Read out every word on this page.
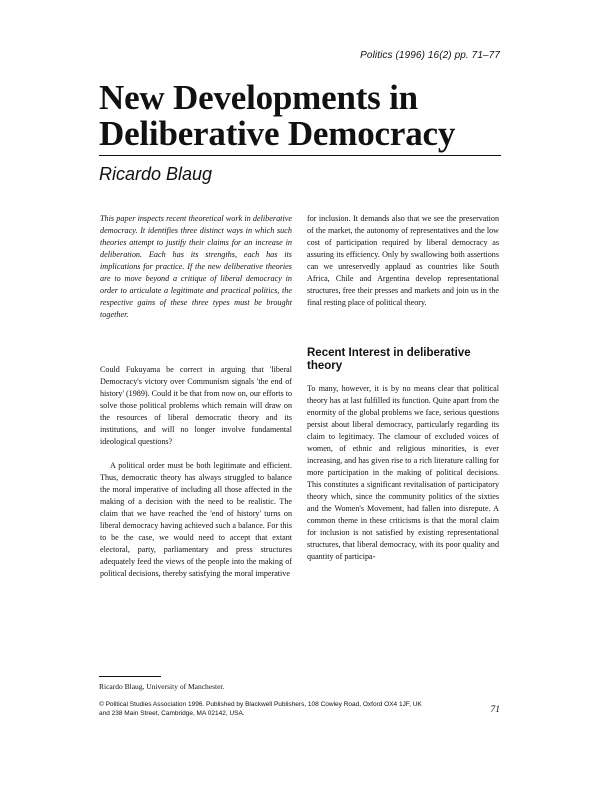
Politics (1996) 16(2) pp. 71–77
New Developments in Deliberative Democracy
Ricardo Blaug

This paper inspects recent theoretical work in deliberative democracy. It identifies three distinct ways in which such theories attempt to justify their claims for an increase in deliberation. Each has its strengths, each has its implications for practice. If the new deliberative theories are to move beyond a critique of liberal democracy in order to articulate a legitimate and practical politics, the respective gains of these three types must be brought together.

Could Fukuyama be correct in arguing that 'liberal Democracy's victory over Communism signals 'the end of history' (1989). Could it be that from now on, our efforts to solve those political problems which remain will draw on the resources of liberal democratic theory and its institutions, and will no longer involve fundamental ideological questions?

A political order must be both legitimate and efficient. Thus, democratic theory has always struggled to balance the moral imperative of including all those affected in the making of a decision with the need to be realistic. The claim that we have reached the 'end of history' turns on liberal democracy having achieved such a balance. For this to be the case, we would need to accept that extant electoral, party, parliamentary and press structures adequately feed the views of the people into the making of political decisions, thereby satisfying the moral imperative

for inclusion. It demands also that we see the preservation of the market, the autonomy of representatives and the low cost of participation required by liberal democracy as assuring its efficiency. Only by swallowing both assertions can we unreservedly applaud as countries like South Africa, Chile and Argentina develop representational structures, free their presses and markets and join us in the final resting place of political theory.

Recent Interest in deliberative theory

To many, however, it is by no means clear that political theory has at last fulfilled its function. Quite apart from the enormity of the global problems we face, serious questions persist about liberal democracy, particularly regarding its claim to legitimacy. The clamour of excluded voices of women, of ethnic and religious minorities, is ever increasing, and has given rise to a rich literature calling for more participation in the making of political decisions. This constitutes a significant revitalisation of participatory theory which, since the community politics of the sixties and the Women's Movement, had fallen into disrepute. A common theme in these criticisms is that the moral claim for inclusion is not satisfied by existing representational structures, that liberal democracy, with its poor quality and quantity of participa-

Ricardo Blaug, University of Manchester.
© Political Studies Association 1996. Published by Blackwell Publishers, 108 Cowley Road, Oxford OX4 1JF, UK
and 238 Main Street, Cambridge, MA 02142, USA.	71
